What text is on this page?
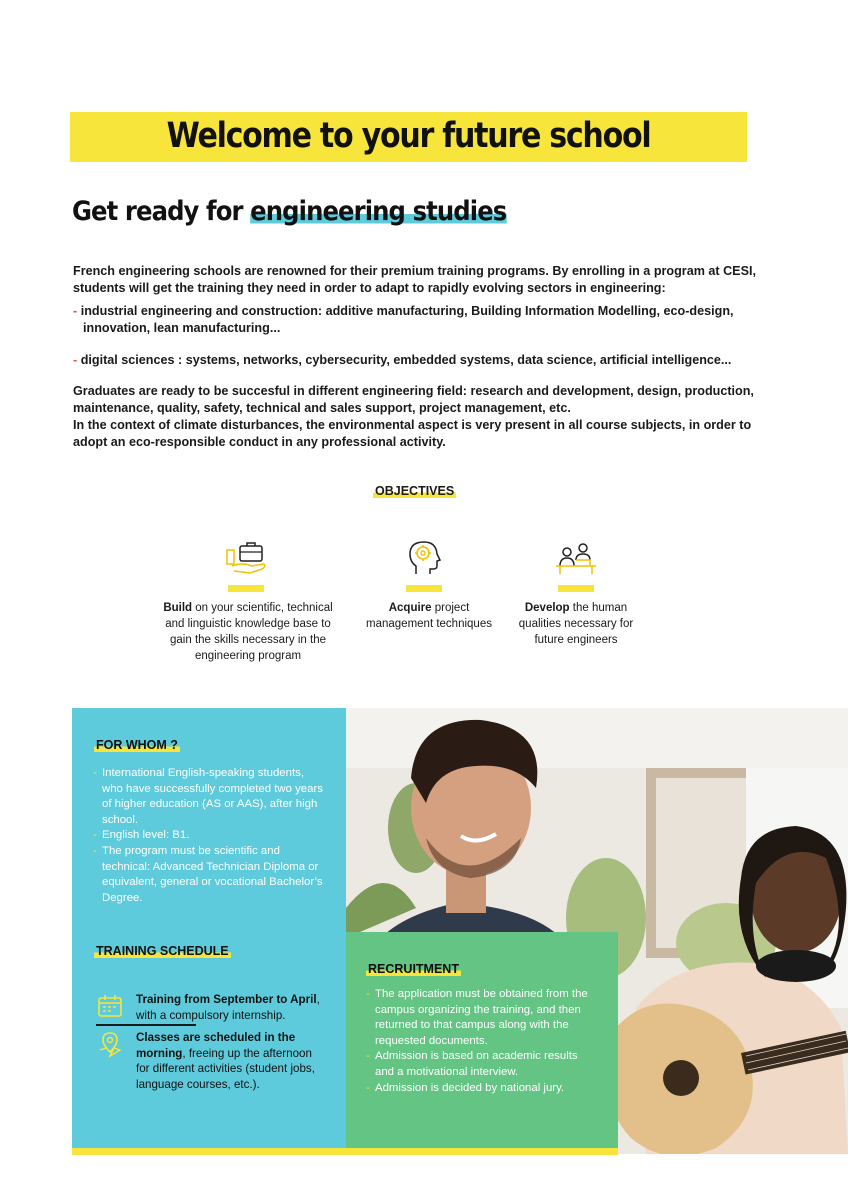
Welcome to your future school
Get ready for engineering studies

French engineering schools are renowned for their premium training programs. By enrolling in a program at CESI, students will get the training they need in order to adapt to rapidly evolving sectors in engineering:

- industrial engineering and construction: additive manufacturing, Building Information Modelling, eco-design,

innovation, lean manufacturing...

- digital sciences : systems, networks, cybersecurity, embedded systems, data science, artificial intelligence...

Graduates are ready to be succesful in different engineering field: research and development, design, production, maintenance, quality, safety, technical and sales support, project management, etc.

In the context of climate disturbances, the environmental aspect is very present in all course subjects, in order to adopt an eco-responsible conduct in any professional activity.

OBJECTIVES
Build on your scientific, technical and linguistic knowledge base to gain the skills necessary in the engineering program
Acquire project management techniques
Develop the human qualities necessary for future engineers
FOR WHOM ?
- International English-speaking students, who have successfully completed two years of higher education (AS or AAS), after high school.
- English level: B1.
- The program must be scientific and technical: Advanced Technician Diploma or equivalent, general or vocational Bachelor’s Degree.
TRAINING SCHEDULE
Training from September to April, with a compulsory internship.
Classes are scheduled in the morning, freeing up the afternoon for different activities (student jobs, language courses, etc.).
RECRUITMENT
- The application must be obtained from the campus organizing the training, and then returned to that campus along with the requested documents.
- Admission is based on academic results and a motivational interview.
- Admission is decided by national jury.
